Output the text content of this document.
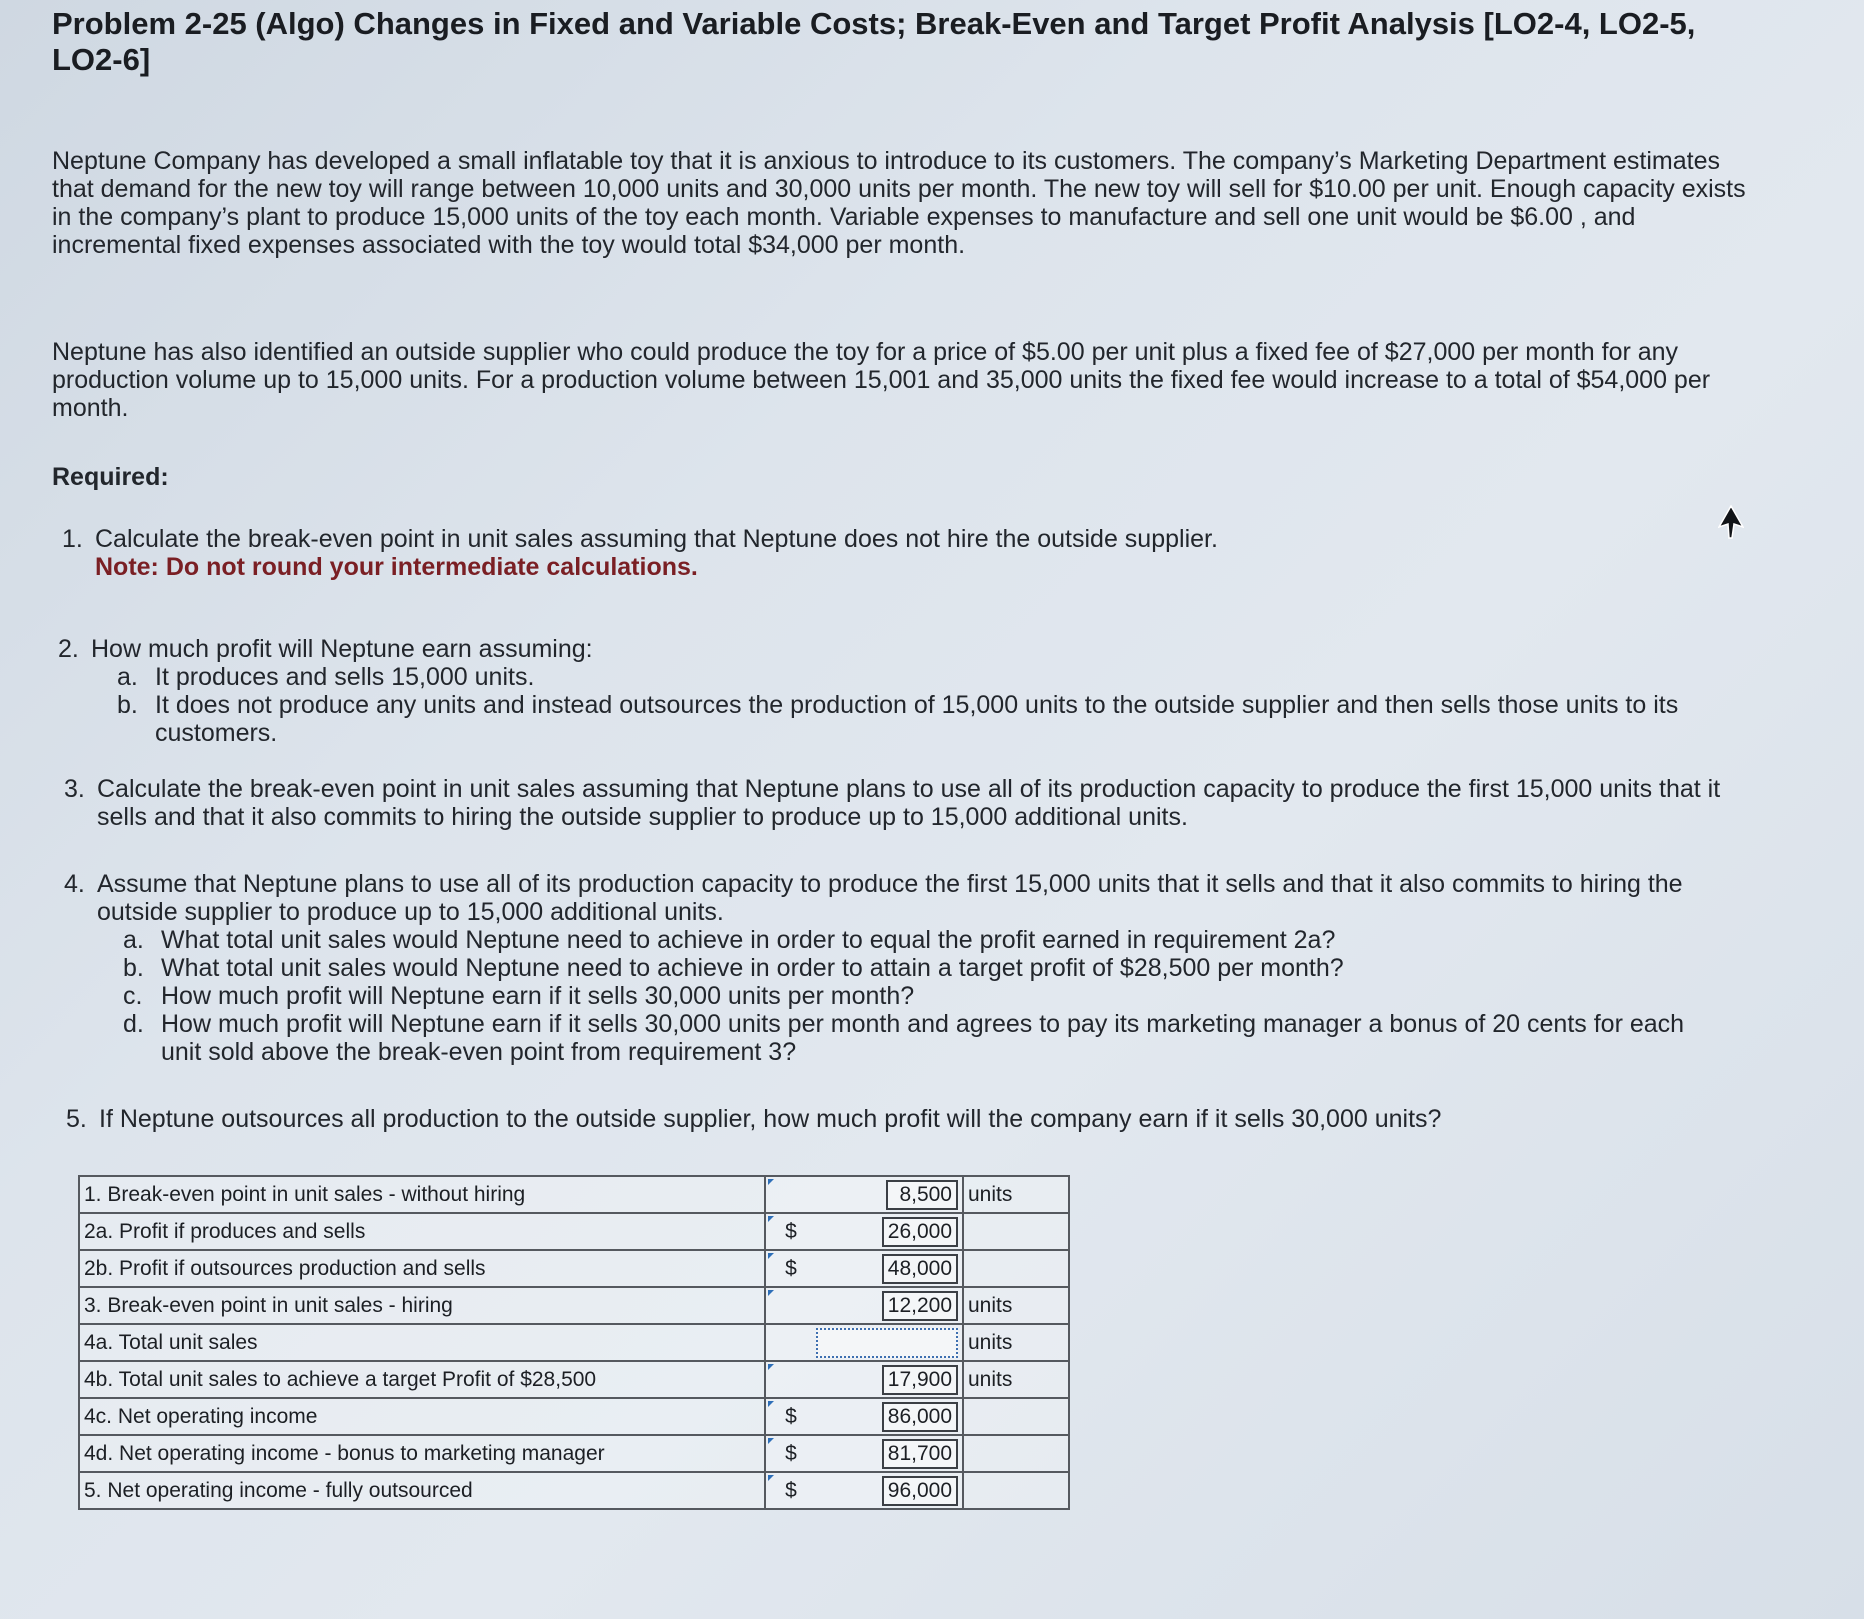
Problem 2-25 (Algo) Changes in Fixed and Variable Costs; Break-Even and Target Profit Analysis [LO2-4, LO2-5, LO2-6]

Neptune Company has developed a small inflatable toy that it is anxious to introduce to its customers. The company’s Marketing Department estimates that demand for the new toy will range between 10,000 units and 30,000 units per month. The new toy will sell for $10.00 per unit. Enough capacity exists in the company’s plant to produce 15,000 units of the toy each month. Variable expenses to manufacture and sell one unit would be $6.00 , and incremental fixed expenses associated with the toy would total $34,000 per month.

Neptune has also identified an outside supplier who could produce the toy for a price of $5.00 per unit plus a fixed fee of $27,000 per month for any production volume up to 15,000 units. For a production volume between 15,001 and 35,000 units the fixed fee would increase to a total of $54,000 per month.

Required:
1. Calculate the break-even point in unit sales assuming that Neptune does not hire the outside supplier.
Note: Do not round your intermediate calculations.
2. How much profit will Neptune earn assuming:
a. It produces and sells 15,000 units.
b. It does not produce any units and instead outsources the production of 15,000 units to the outside supplier and then sells those units to its customers.
3. Calculate the break-even point in unit sales assuming that Neptune plans to use all of its production capacity to produce the first 15,000 units that it sells and that it also commits to hiring the outside supplier to produce up to 15,000 additional units.
4. Assume that Neptune plans to use all of its production capacity to produce the first 15,000 units that it sells and that it also commits to hiring the outside supplier to produce up to 15,000 additional units.
a. What total unit sales would Neptune need to achieve in order to equal the profit earned in requirement 2a?
b. What total unit sales would Neptune need to achieve in order to attain a target profit of $28,500 per month?
c. How much profit will Neptune earn if it sells 30,000 units per month?
d. How much profit will Neptune earn if it sells 30,000 units per month and agrees to pay its marketing manager a bonus of 20 cents for each unit sold above the break-even point from requirement 3?
5. If Neptune outsources all production to the outside supplier, how much profit will the company earn if it sells 30,000 units?
1. Break-even point in unit sales - without hiring		8,500	units
2a. Profit if produces and sells	$	26,000	
2b. Profit if outsources production and sells	$	48,000	
3. Break-even point in unit sales - hiring		12,200	units
4a. Total unit sales			units
4b. Total unit sales to achieve a target Profit of $28,500		17,900	units
4c. Net operating income	$	86,000	
4d. Net operating income - bonus to marketing manager	$	81,700	
5. Net operating income - fully outsourced	$	96,000	
